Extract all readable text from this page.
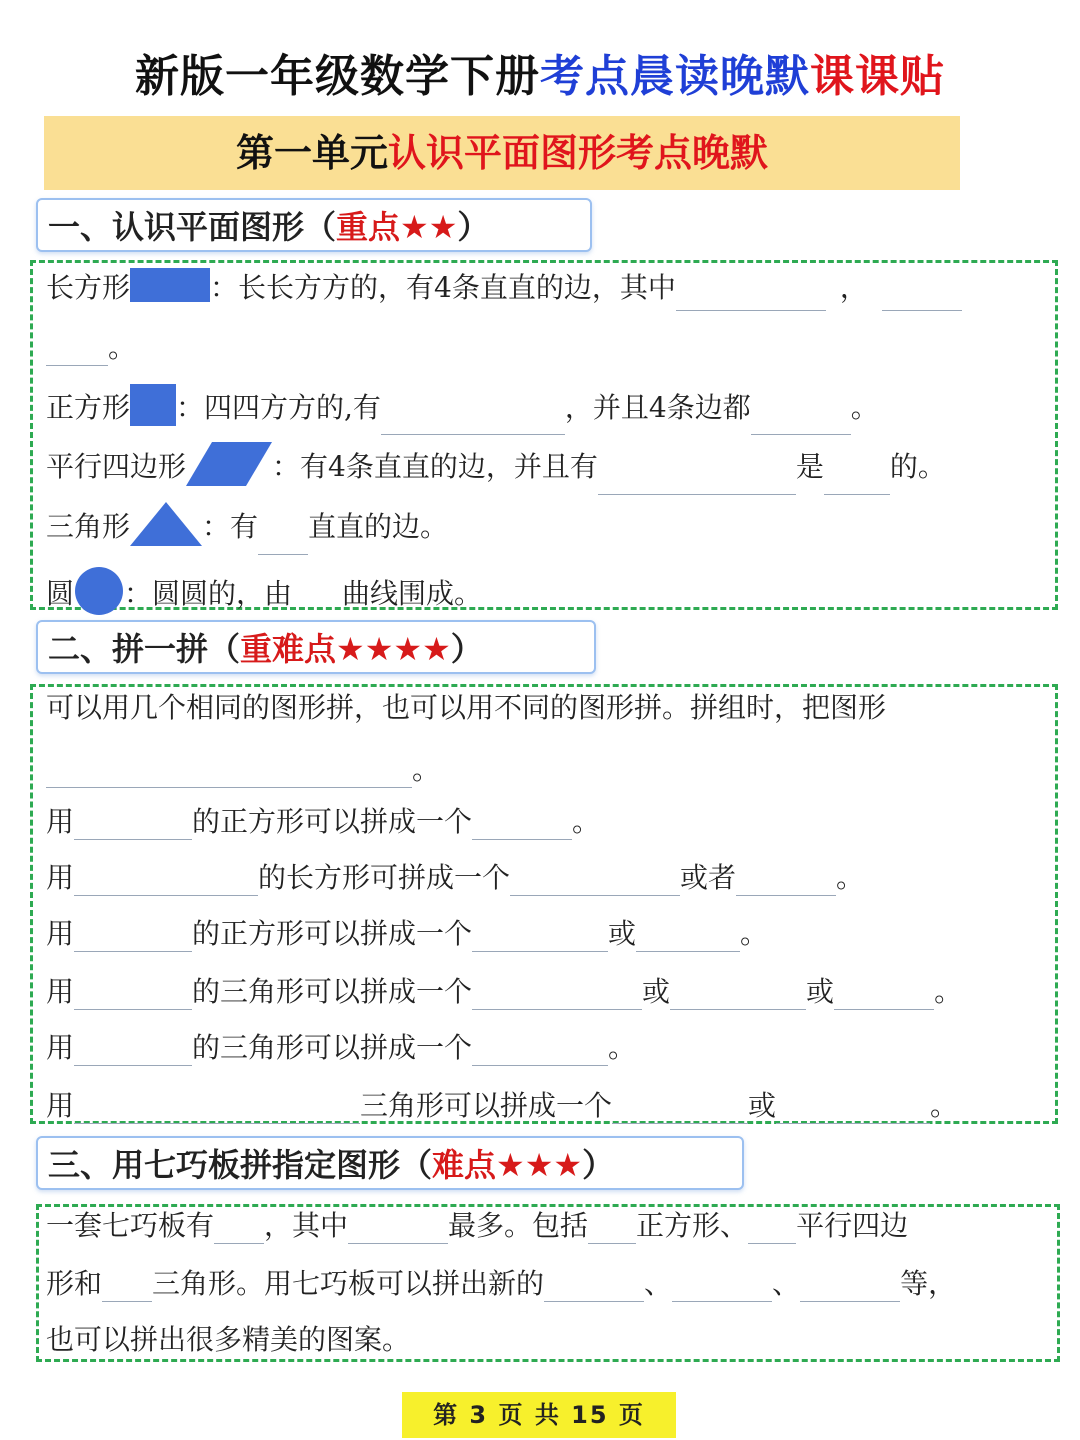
新版一年级数学下册考点晨读晚默课课贴
第一单元认识平面图形考点晚默
一、认识平面图形（重点★★）
长方形	：长长方方的，有4条直直的边，其中	，
。
正方形 ：四四方方的,有	，并且4条边都	。
平行四边形	：有4条直直的边，并且有	是 的。
三角形	：有 直直的边。
圆 ：圆圆的，由 曲线围成。
二、拼一拼（重难点★★★★）
可以用几个相同的图形拼，也可以用不同的图形拼。拼组时，把图形
。
用	的正方形可以拼成一个	。
用	的长方形可拼成一个	或者	。
用	的正方形可以拼成一个	或	。
用	的三角形可以拼成一个	或	或	。
用	的三角形可以拼成一个	。
用	三角形可以拼成一个	或	。
三、用七巧板拼指定图形（难点★★★）
一套七巧板有 ，其中	最多。包括 正方形、 平行四边
形和 三角形。用七巧板可以拼出新的	、	、	等，
也可以拼出很多精美的图案。
第 3 页 共 15 页
